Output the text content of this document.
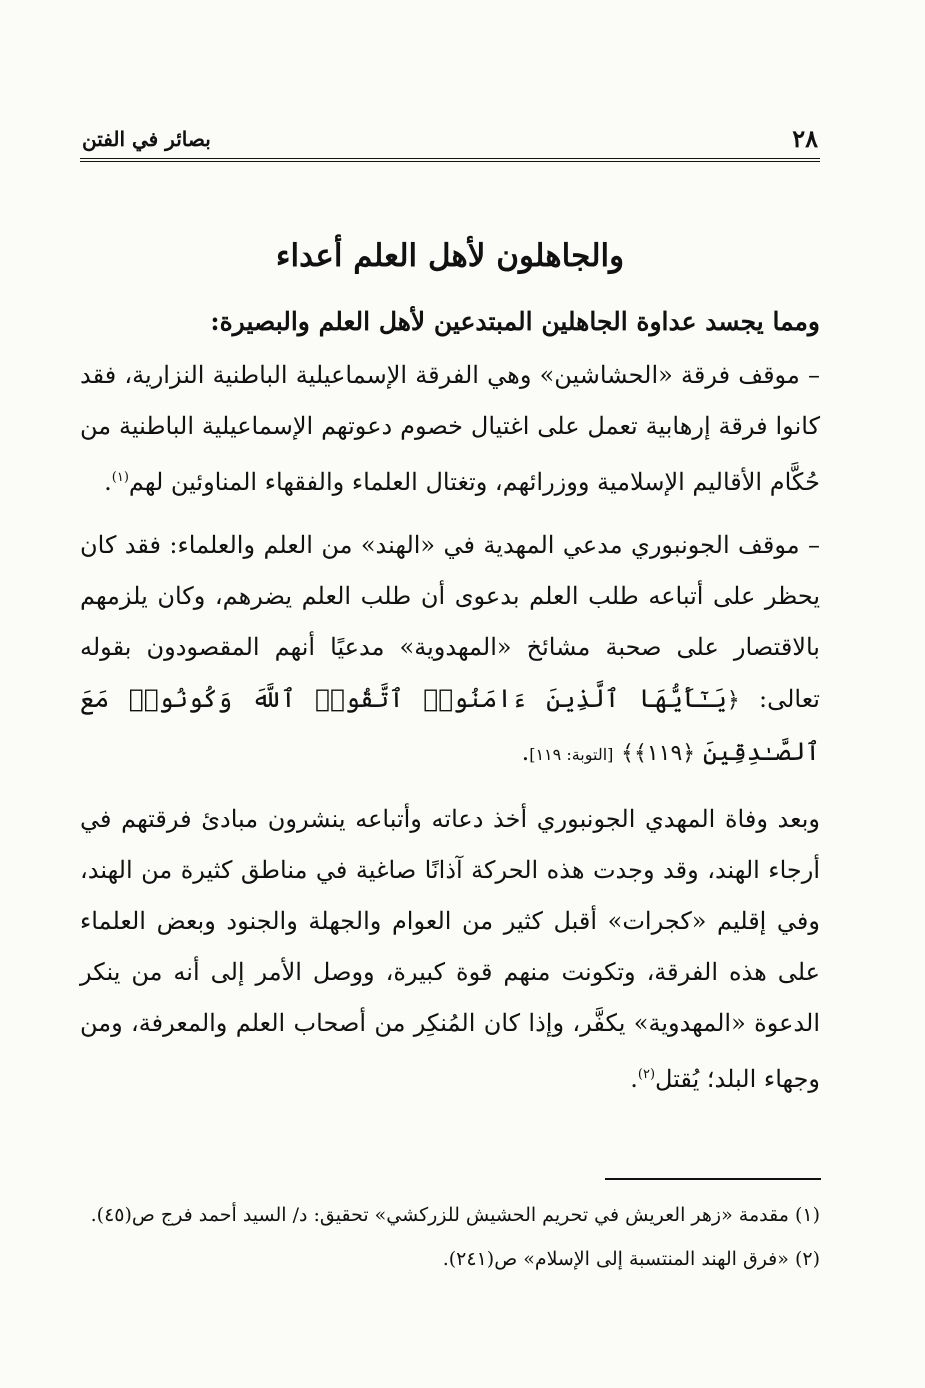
٢٨
بصائر في الفتن
والجاهلون لأهل العلم أعداء

ومما يجسد عداوة الجاهلين المبتدعين لأهل العلم والبصيرة:

– موقف فرقة «الحشاشين» وهي الفرقة الإسماعيلية الباطنية النزارية، فقد كانوا فرقة إرهابية تعمل على اغتيال خصوم دعوتهم الإسماعيلية الباطنية من حُكَّام الأقاليم الإسلامية ووزرائهم، وتغتال العلماء والفقهاء المناوئين لهم$^{(١)}$.

– موقف الجونبوري مدعي المهدية في «الهند» من العلم والعلماء: فقد كان يحظر على أتباعه طلب العلم بدعوى أن طلب العلم يضرهم، وكان يلزمهم بالاقتصار على صحبة مشائخ «المهدوية» مدعيًا أنهم المقصودون بقوله تعالى: ﴿يَـٰٓأَيُّهَا ٱلَّذِينَ ءَامَنُوا۟ ٱتَّقُوا۟ ٱللَّهَ وَكُونُوا۟ مَعَ ٱلصَّـٰدِقِينَ ﴿١١٩﴾﴾ [التوبة: ١١٩].

وبعد وفاة المهدي الجونبوري أخذ دعاته وأتباعه ينشرون مبادئ فرقتهم في أرجاء الهند، وقد وجدت هذه الحركة آذانًا صاغية في مناطق كثيرة من الهند، وفي إقليم «كجرات» أقبل كثير من العوام والجهلة والجنود وبعض العلماء على هذه الفرقة، وتكونت منهم قوة كبيرة، ووصل الأمر إلى أنه من ينكر الدعوة «المهدوية» يكفَّر، وإذا كان المُنكِر من أصحاب العلم والمعرفة، ومن وجهاء البلد؛ يُقتل$^{(٢)}$.

(١) مقدمة «زهر العريش في تحريم الحشيش للزركشي» تحقيق: د/ السيد أحمد فرج ص(٤٥).

(٢) «فرق الهند المنتسبة إلى الإسلام» ص(٢٤١).
